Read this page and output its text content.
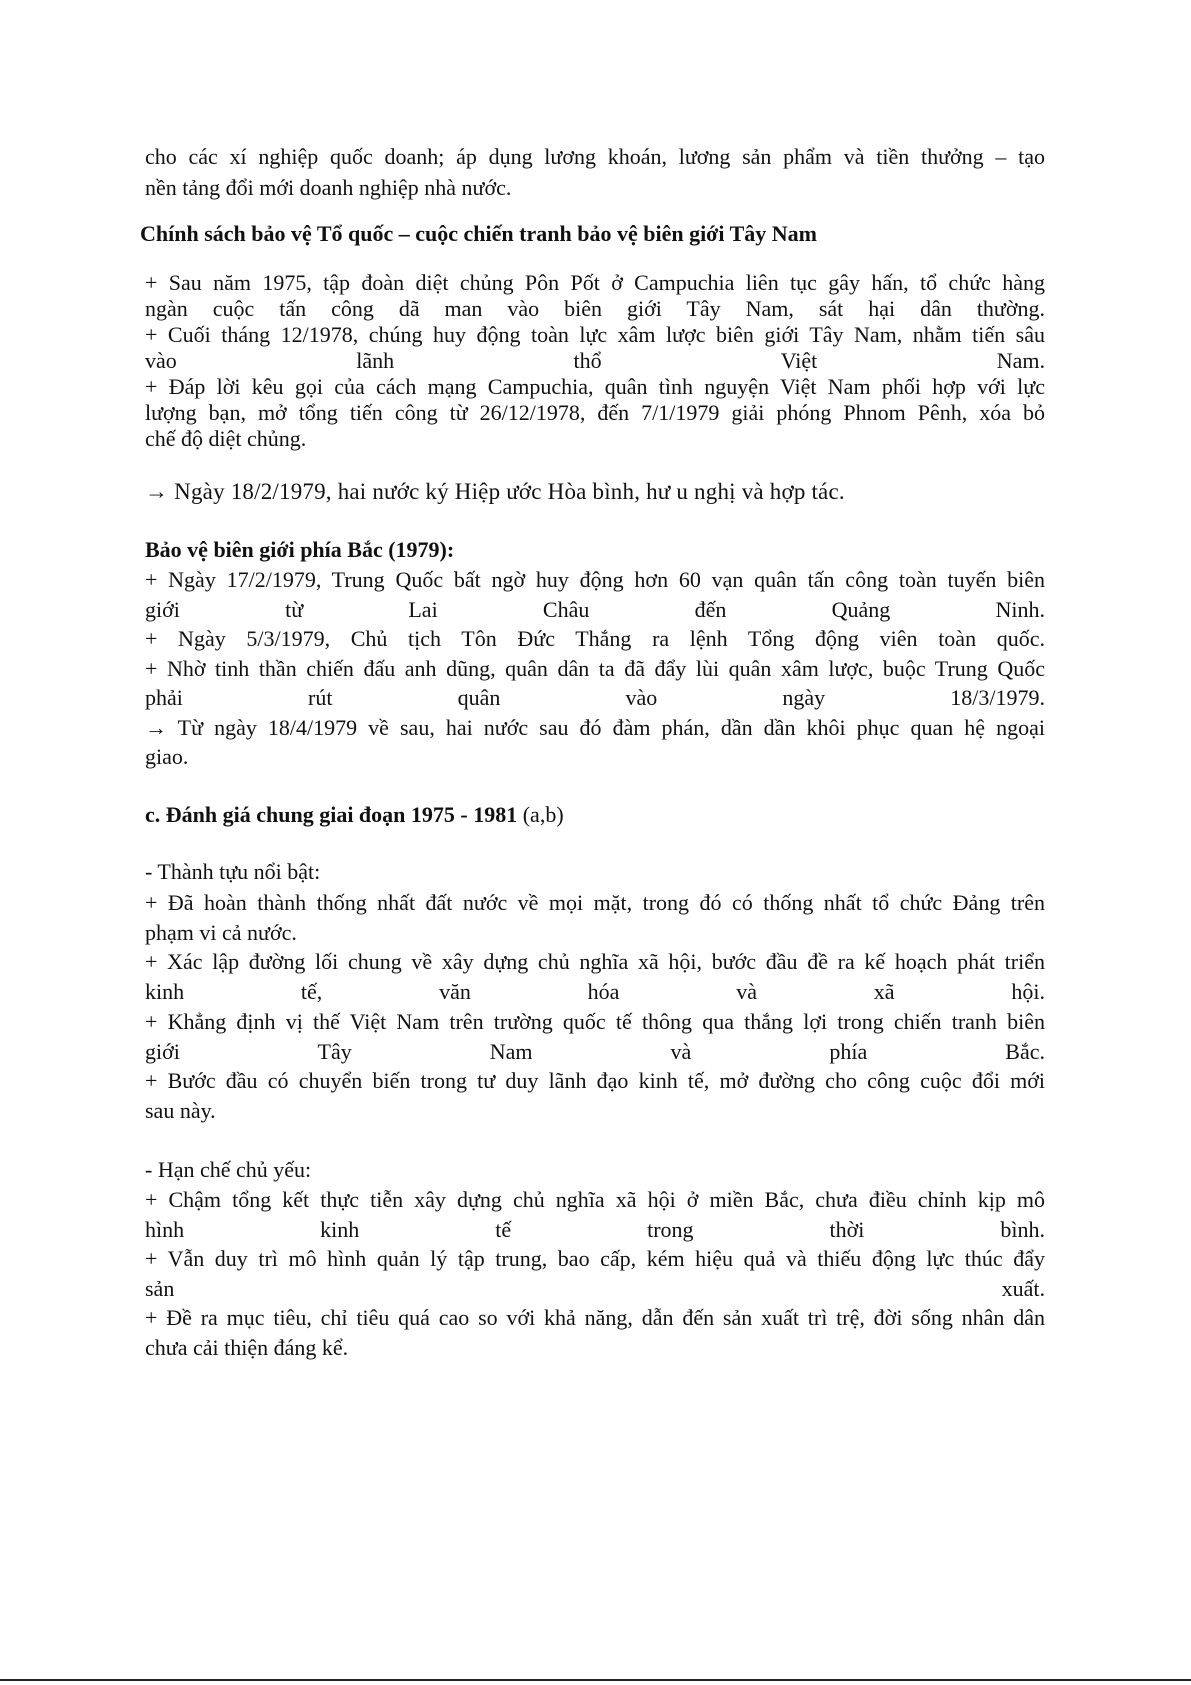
cho các xí nghiệp quốc doanh; áp dụng lương khoán, lương sản phẩm và tiền thưởng – tạo
nền tảng đổi mới doanh nghiệp nhà nước.
Chính sách bảo vệ Tổ quốc – cuộc chiến tranh bảo vệ biên giới Tây Nam
+ Sau năm 1975, tập đoàn diệt chủng Pôn Pốt ở Campuchia liên tục gây hấn, tổ chức hàng
ngàn cuộc tấn công dã man vào biên giới Tây Nam, sát hại dân thường.
+ Cuối tháng 12/1978, chúng huy động toàn lực xâm lược biên giới Tây Nam, nhằm tiến sâu
vào lãnh thổ Việt Nam.
+ Đáp lời kêu gọi của cách mạng Campuchia, quân tình nguyện Việt Nam phối hợp với lực
lượng bạn, mở tổng tiến công từ 26/12/1978, đến 7/1/1979 giải phóng Phnom Pênh, xóa bỏ
chế độ diệt chủng.
→ Ngày 18/2/1979, hai nước ký Hiệp ước Hòa bình, hư u nghị và hợp tác.
Bảo vệ biên giới phía Bắc (1979):
+ Ngày 17/2/1979, Trung Quốc bất ngờ huy động hơn 60 vạn quân tấn công toàn tuyến biên
giới từ Lai Châu đến Quảng Ninh.
+ Ngày 5/3/1979, Chủ tịch Tôn Đức Thắng ra lệnh Tổng động viên toàn quốc.
+ Nhờ tinh thần chiến đấu anh dũng, quân dân ta đã đẩy lùi quân xâm lược, buộc Trung Quốc
phải rút quân vào ngày 18/3/1979.
→ Từ ngày 18/4/1979 về sau, hai nước sau đó đàm phán, dần dần khôi phục quan hệ ngoại
giao.
c. Đánh giá chung giai đoạn 1975 - 1981 (a,b)
- Thành tựu nổi bật:
+ Đã hoàn thành thống nhất đất nước về mọi mặt, trong đó có thống nhất tổ chức Đảng trên
phạm vi cả nước.
+ Xác lập đường lối chung về xây dựng chủ nghĩa xã hội, bước đầu đề ra kế hoạch phát triển
kinh tế, văn hóa và xã hội.
+ Khẳng định vị thế Việt Nam trên trường quốc tế thông qua thắng lợi trong chiến tranh biên
giới Tây Nam và phía Bắc.
+ Bước đầu có chuyển biến trong tư duy lãnh đạo kinh tế, mở đường cho công cuộc đổi mới
sau này.
- Hạn chế chủ yếu:
+ Chậm tổng kết thực tiễn xây dựng chủ nghĩa xã hội ở miền Bắc, chưa điều chỉnh kịp mô
hình kinh tế trong thời bình.
+ Vẫn duy trì mô hình quản lý tập trung, bao cấp, kém hiệu quả và thiếu động lực thúc đẩy
sản xuất.
+ Đề ra mục tiêu, chỉ tiêu quá cao so với khả năng, dẫn đến sản xuất trì trệ, đời sống nhân dân
chưa cải thiện đáng kể.
